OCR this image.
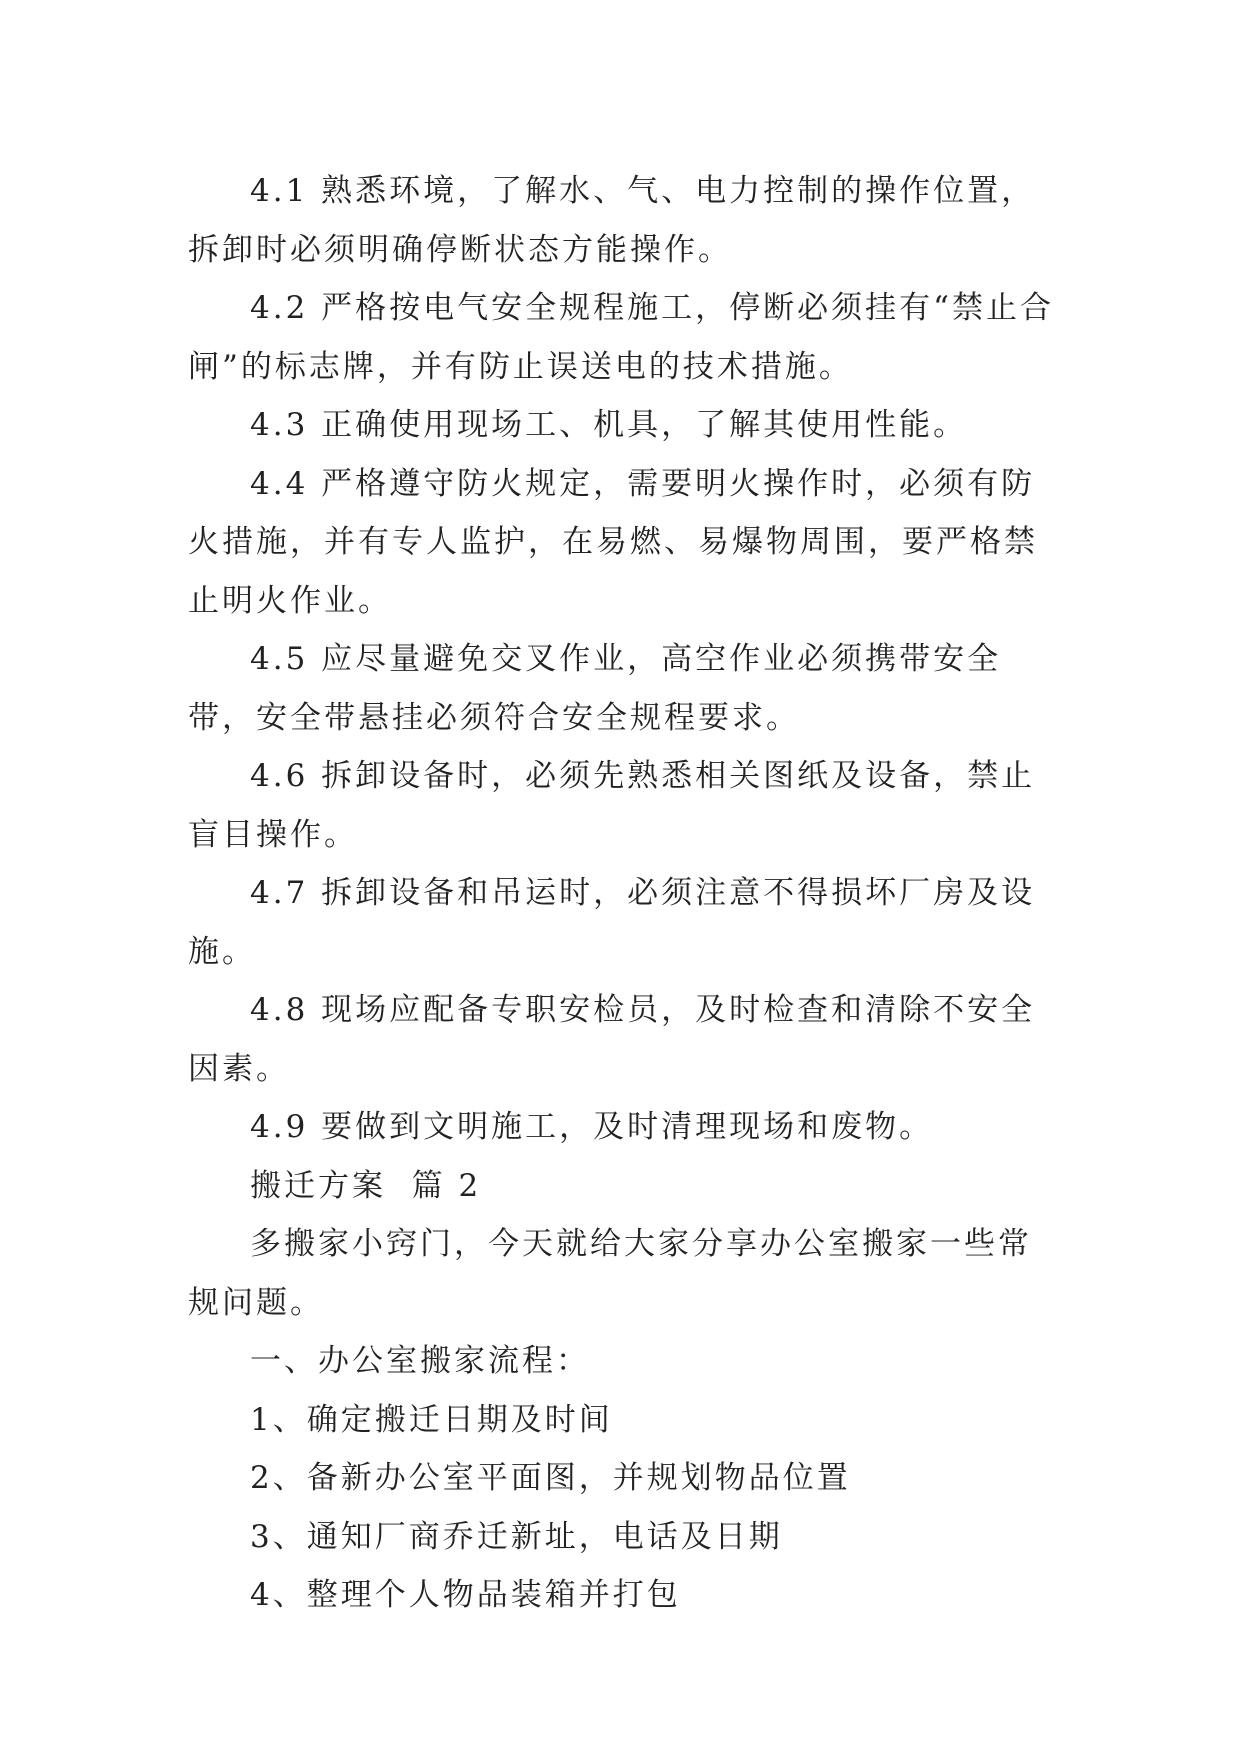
4.1 熟悉环境，了解水、气、电力控制的操作位置，拆卸时必须明确停断状态方能操作。

4.2 严格按电气安全规程施工，停断必须挂有“禁止合闸”的标志牌，并有防止误送电的技术措施。

4.3 正确使用现场工、机具，了解其使用性能。

4.4 严格遵守防火规定，需要明火操作时，必须有防火措施，并有专人监护，在易燃、易爆物周围，要严格禁止明火作业。

4.5 应尽量避免交叉作业，高空作业必须携带安全带，安全带悬挂必须符合安全规程要求。

4.6 拆卸设备时，必须先熟悉相关图纸及设备，禁止盲目操作。

4.7 拆卸设备和吊运时，必须注意不得损坏厂房及设施。

4.8 现场应配备专职安检员，及时检查和清除不安全因素。

4.9 要做到文明施工，及时清理现场和废物。

搬迁方案  篇 2

多搬家小窍门，今天就给大家分享办公室搬家一些常规问题。

一、办公室搬家流程：

1、确定搬迁日期及时间

2、备新办公室平面图，并规划物品位置

3、通知厂商乔迁新址，电话及日期

4、整理个人物品装箱并打包
